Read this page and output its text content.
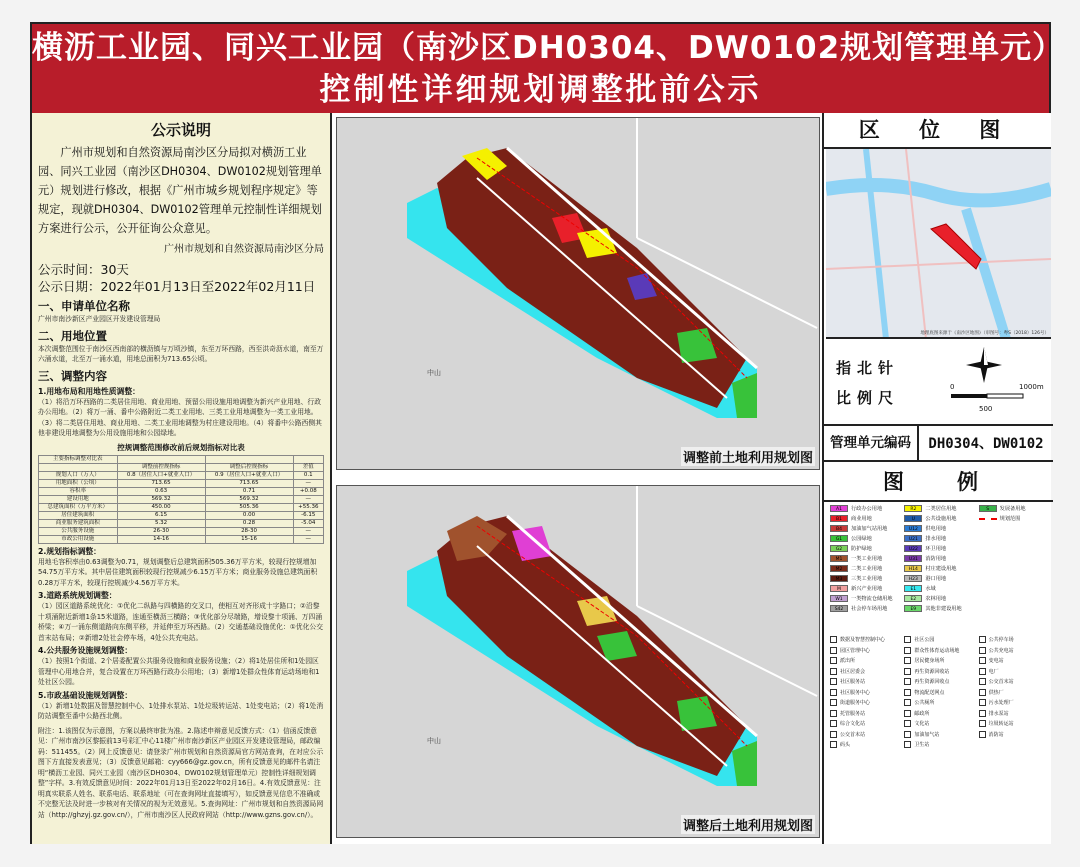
横沥工业园、同兴工业园（南沙区DH0304、DW0102规划管理单元）
控制性详细规划调整批前公示
公示说明
广州市规划和自然资源局南沙区分局拟对横沥工业园、同兴工业园（南沙区DH0304、DW0102规划管理单元）规划进行修改，根据《广州市城乡规划程序规定》等规定，现就DH0304、DW0102管理单元控制性详细规划方案进行公示，公开征询公众意见。
广州市规划和自然资源局南沙区分局
公示时间：30天
公示日期：2022年01月13日至2022年02月11日
一、申请单位名称
广州市南沙新区产业园区开发建设管理局
二、用地位置
本次调整范围位于南沙区西南部的横沥镇与万顷沙镇，东至万环西路，西至洪奇沥水道，南至万六涌水道，北至万一涌水道，用地总面积为713.65公顷。
三、调整内容
1.用地布局和用地性质调整：
（1）将沿万环西路的二类居住用地、商业用地、预留公用设施用地调整为新兴产业用地、行政办公用地。（2）将万一涌、番中公路附近二类工业用地、三类工业用地调整为一类工业用地。（3）将二类居住用地、商业用地、二类工业用地调整为村庄建设用地。（4）将番中公路西侧其他非建设用地调整为公用设施用地和公园绿地。
控规调整范围修改前后规划指标对比表
主要指标调整对比表			
	调整前控规指标	调整后控规指标	差值
规划人口（万人）	0.8（居住人口+就业人口）	0.9（居住人口+就业人口）	0.1
用地面积（公顷）	713.65	713.65	—
容积率	0.63	0.71	+0.08
建设用地	569.32	569.32	—
总建筑面积（万平方米）	450.00	505.36	+55.36
居住建筑面积	6.15	0.00	-6.15
商业服务建筑面积	5.32	0.28	-5.04
公共服务设施	26-30	28-30	—
市政公用设施	14-16	15-16	—
2.规划指标调整：
用地毛容积率由0.63调整为0.71，规划调整后总建筑面积505.36万平方米，较现行控规增加54.75万平方米。其中居住建筑面积较现行控规减少6.15万平方米；商业服务设施总建筑面积0.28万平方米，较现行控规减少4.56万平方米。
3.道路系统规划调整：
（1）园区道路系统优化：①优化二纵路与四横路的交叉口，使相互对齐形成十字路口；②沿黎十项涌附近新增1条15米道路，连通至横沥三横路；③优化部分尽端路，增设黎十项涌、万四涌桥梁；④万一涌东侧道路向东侧平移，并延伸至万环西路。（2）交通基础设施优化：①优化公交首末站布局；②新增2处社会停车场，4处公共充电站。
4.公共服务设施规划调整：
（1）按照1个街道、2个居委配置公共服务设施和商业服务设施；（2）将1处居住所和1处园区管理中心用地合并，复合设置在万环西路行政办公用地；（3）新增1处群众性体育运动场地和1处社区公园。
5.市政基础设施规划调整：
（1）新增1处数据及智慧控制中心、1处排水泵站、1处垃圾转运站、1处变电站；（2）将1处消防站调整至番中公路西北侧。
附注：1.该图仅为示意图，方案以最终审批为准。2.陈述申辩意见反馈方式：（1）信函反馈意见：广州市南沙区黎振前13号彩汇中心11楼广州市南沙新区产业园区开发建设管理局，邮政编码：511455。（2）网上反馈意见：请登录广州市规划和自然资源局官方网站查询，在对应公示图下方直接发表意见；（3）反馈意见邮箱：cyy666@gz.gov.cn，所有反馈意见的邮件名请注明“横沥工业园、同兴工业园（南沙区DH0304、DW0102规划管理单元）控制性详细规划调整”字样。3.有效反馈意见时间：2022年01月13日至2022年02月16日。4.有效反馈意见：注明真实联系人姓名、联系电话、联系地址（可在查询网址直接填写），如反馈意见信息不准确或不完整无法及时进一步核对有关情况的视为无效意见。5.查询网址：广州市规划和自然资源局网站（http://ghzyj.gz.gov.cn/），广州市南沙区人民政府网站（http://www.gzns.gov.cn/）。
中山
调整前土地利用规划图
中山
调整后土地利用规划图
区 位 图
地理底图来源于《南沙区地图》（审图号：粤S（2018）126号）
指北针
比例尺
0
500
1000m
管理单元编码	DH0304、DW0102
图　例
A1	行政办公用地	R2	二类居住用地	S	发展备用地
B1	商业用地	U	公共设施用地	规划范围
B4	加油加气站用地	U12	供电用地
G1	公园绿地	U21	排水用地
G2	防护绿地	U22	环卫用地
M1	一类工业用地	U31	消防用地
M2	二类工业用地	H14	村庄建设用地
M3	三类工业用地	H23	港口用地
M	新兴产业用地	E1	水域
W1	一类物流仓储用地	E2	农林用地
S42	社会停车场用地	E9	其他非建设用地
数据及智慧控制中心	社区公园	公共停车场
园区管理中心	群众性体育运动场地	公共充电站
派出所	居民健身场所	变电站
社区居委会	再生资源回收站	电厂
社区服务站	再生资源回收点	公交首末站
社区服务中心	物流配送网点	供热厂
街道服务中心	公共厕所	污水处理厂
托管服务站	邮政所	排水泵站
综合文化站	文化站	垃圾转运站
公交首末站	加油加气站	消防站
码头	卫生站
